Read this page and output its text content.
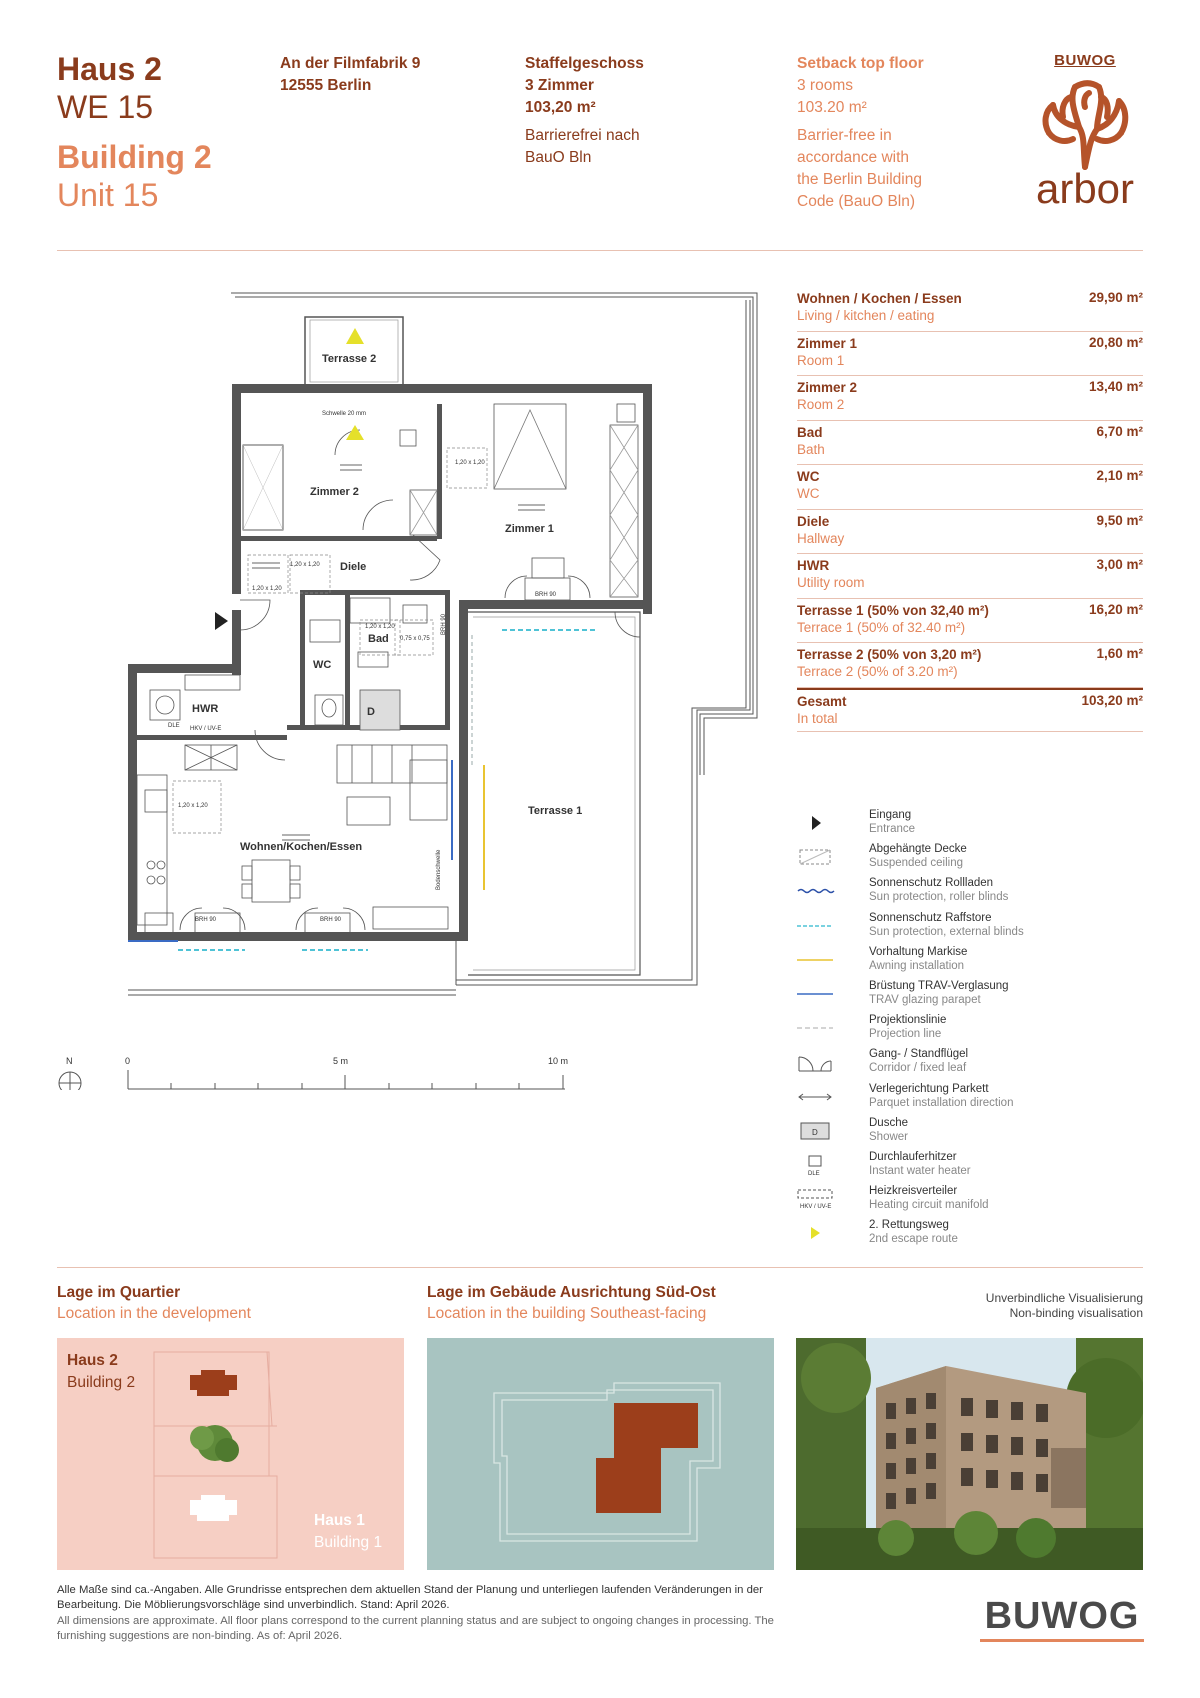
Haus 2
WE 15
Building 2
Unit 15
An der Filmfabrik 9
12555 Berlin
Staffelgeschoss
3 Zimmer
103,20 m²
Barrierefrei nach
BauO Bln
Setback top floor
3 rooms
103.20 m²
Barrier-free in
accordance with
the Berlin Building
Code (BauO Bln)
BUWOG
arbor
Terrasse 2
Schwelle 20 mm
Zimmer 2
Zimmer 1
Diele
Bad
WC
HWR	D
Terrasse 1
Wohnen/Kochen/Essen
Bodenschwelle
BRH 90	BRH 90
BRH 90
BRH 90
1,20 x 1,20
1,20 x 1,20
1,20 x 1,20
1,20 x 1,20
0,75 x 0,75
1,20 x 1,20
DLE HKV / UV-E
N	0	5 m	10 m
Wohnen / Kochen / Essen
Living / kitchen / eating
29,90 m²
Zimmer 1
Room 1
20,80 m²
Zimmer 2
Room 2
13,40 m²
Bad
Bath
6,70 m²
WC
WC
2,10 m²
Diele
Hallway
9,50 m²
HWR
Utility room
3,00 m²
Terrasse 1 (50% von 32,40 m²)
Terrace 1 (50% of 32.40 m²)
16,20 m²
Terrasse 2 (50% von 3,20 m²)
Terrace 2 (50% of 3.20 m²)
1,60 m²
Gesamt
In total
103,20 m²
Eingang
Entrance
Abgehängte Decke
Suspended ceiling
Sonnenschutz Rollladen
Sun protection, roller blinds
Sonnenschutz Raffstore
Sun protection, external blinds
Vorhaltung Markise
Awning installation
Brüstung TRAV-Verglasung
TRAV glazing parapet
Projektionslinie
Projection line
Gang- / Standflügel
Corridor / fixed leaf
Verlegerichtung Parkett
Parquet installation direction
D
Dusche
Shower
DLE
Durchlauferhitzer
Instant water heater
HKV / UV-E
Heizkreisverteiler
Heating circuit manifold
2. Rettungsweg
2nd escape route
Lage im Quartier
Location in the development
Lage im Gebäude Ausrichtung Süd-Ost
Location in the building Southeast-facing
Unverbindliche Visualisierung
Non-binding visualisation
Haus 2
Building 2
Haus 1
Building 1
Alle Maße sind ca.-Angaben. Alle Grundrisse entsprechen dem aktuellen Stand der Planung und unterliegen laufenden Veränderungen in der Bearbeitung. Die Möblierungsvorschläge sind unverbindlich. Stand: April 2026.
All dimensions are approximate. All floor plans correspond to the current planning status and are subject to ongoing changes in processing. The furnishing suggestions are non-binding. As of: April 2026.	BUWOG
